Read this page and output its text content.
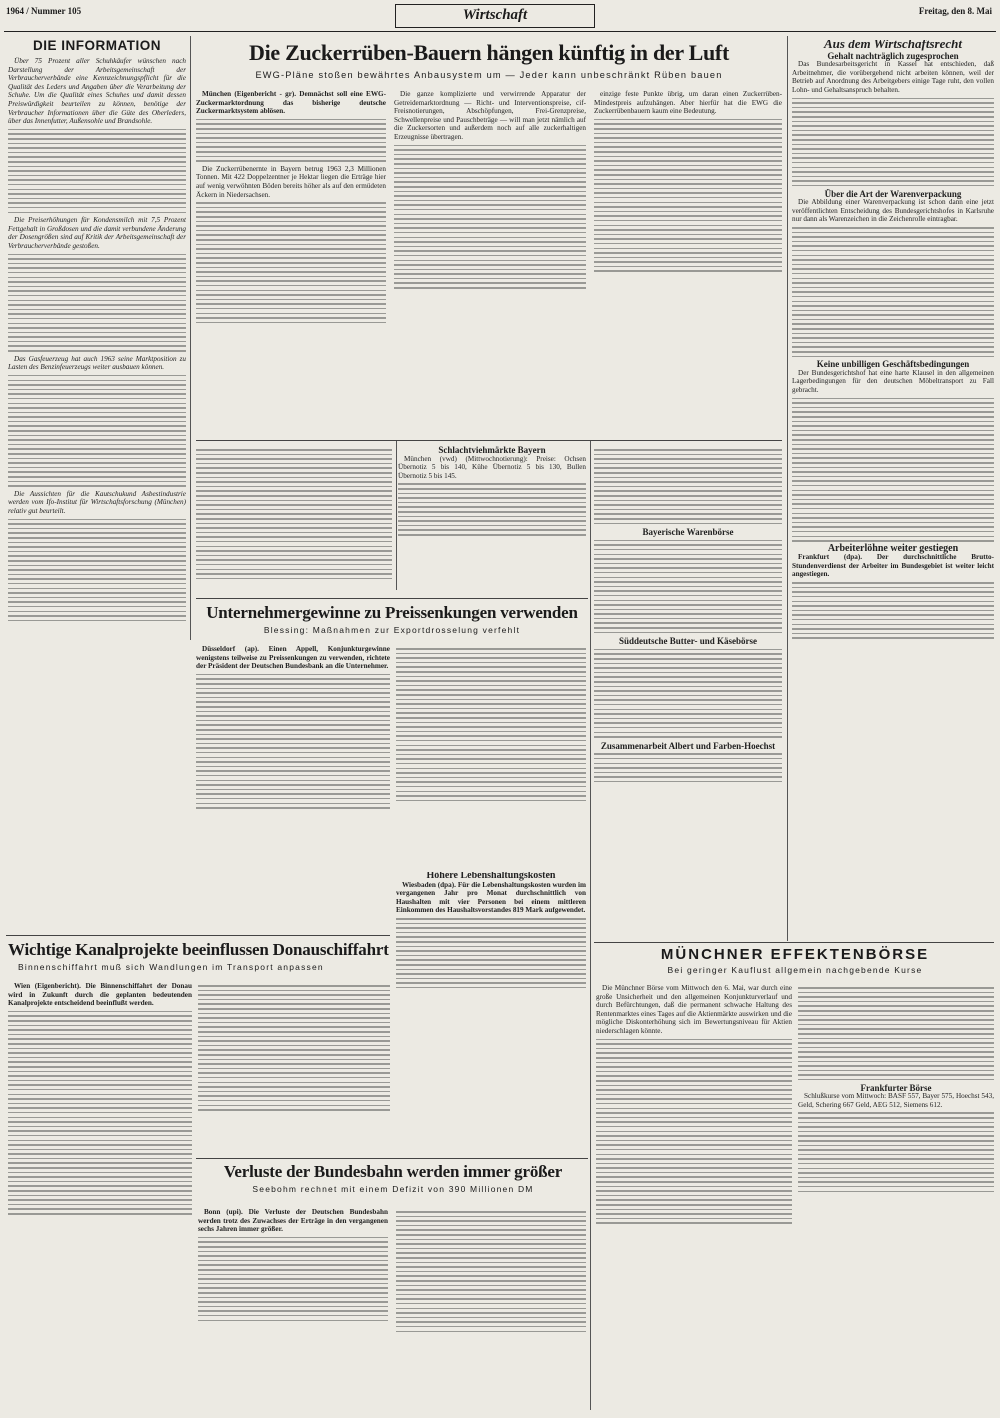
1964 / Nummer 105	Wirtschaft	Freitag, den 8. Mai
DIE INFORMATION

Über 75 Prozent aller Schuhkäufer wünschen nach Darstellung der Arbeitsgemeinschaft der Verbraucherverbände eine Kennzeichnungspflicht für die Qualität des Leders und Angaben über die Verarbeitung der Schuhe. Um die Qualität eines Schuhes und damit dessen Preiswürdigkeit beurteilen zu können, benötige der Verbraucher Informationen über die Güte des Oberleders, über das Innenfutter, Außensohle und Brandsohle.

Die Preiserhöhungen für Kondensmilch mit 7,5 Prozent Fettgehalt in Großdosen und die damit verbundene Änderung der Dosengrößen sind auf Kritik der Arbeitsgemeinschaft der Verbraucherverbände gestoßen.

Das Gasfeuerzeug hat auch 1963 seine Marktposition zu Lasten des Benzinfeuerzeugs weiter ausbauen können.

Die Aussichten für die Kautschukund Asbestindustrie werden vom Ifo-Institut für Wirtschaftsforschung (München) relativ gut beurteilt.

Die Zuckerrüben-Bauern hängen künftig in der Luft
EWG-Pläne stoßen bewährtes Anbausystem um — Jeder kann unbeschränkt Rüben bauen

München (Eigenbericht - gr). Demnächst soll eine EWG-Zuckermarktordnung das bisherige deutsche Zuckermarktsystem ablösen.

Die Zuckerrübenernte in Bayern betrug 1963 2,3 Millionen Tonnen. Mit 422 Doppelzentner je Hektar liegen die Erträge hier auf wenig verwöhnten Böden bereits höher als auf den ermüdeten Äckern in Niedersachsen.

Die ganze komplizierte und verwirrende Apparatur der Getreidemarktordnung — Richt- und Interventionspreise, cif-Freisnotierungen, Abschöpfungen, Frei-Grenzpreise, Schwellenpreise und Pauschbeträge — will man jetzt nämlich auf die Zuckersorten und außerdem noch auf alle zuckerhaltigen Erzeugnisse übertragen.

einzige feste Punkte übrig, um daran einen Zuckerrüben-Mindestpreis aufzuhängen. Aber hierfür hat die EWG die Zuckerrübenbauern kaum eine Bedeutung.

Schlachtviehmärkte Bayern

München (vwd) (Mittwochnotierung): Preise: Ochsen Übernotiz 5 bis 140, Kühe Übernotiz 5 bis 130, Bullen Übernotiz 5 bis 145.

Bayerische Warenbörse
Süddeutsche Butter- und Käsebörse
Zusammenarbeit Albert und Farben-Hoechst
Unternehmergewinne zu Preissenkungen verwenden
Blessing: Maßnahmen zur Exportdrosselung verfehlt

Düsseldorf (ap). Einen Appell, Konjunkturgewinne wenigstens teilweise zu Preissenkungen zu verwenden, richtete der Präsident der Deutschen Bundesbank an die Unternehmer.

Höhere Lebenshaltungskosten

Wiesbaden (dpa). Für die Lebenshaltungskosten wurden im vergangenen Jahr pro Monat durchschnittlich von Haushalten mit vier Personen bei einem mittleren Einkommen des Haushaltsvorstandes 819 Mark aufgewendet.

Wichtige Kanalprojekte beeinflussen Donauschiffahrt
Binnenschiffahrt muß sich Wandlungen im Transport anpassen

Wien (Eigenbericht). Die Binnenschiffahrt der Donau wird in Zukunft durch die geplanten bedeutenden Kanalprojekte entscheidend beeinflußt werden.

Verluste der Bundesbahn werden immer größer
Seebohm rechnet mit einem Defizit von 390 Millionen DM

Bonn (upi). Die Verluste der Deutschen Bundesbahn werden trotz des Zuwachses der Erträge in den vergangenen sechs Jahren immer größer.

Aus dem Wirtschaftsrecht
Gehalt nachträglich zugesprochen

Das Bundesarbeitsgericht in Kassel hat entschieden, daß Arbeitnehmer, die vorübergehend nicht arbeiten können, weil der Betrieb auf Anordnung des Arbeitgebers einige Tage ruht, den vollen Lohn- und Gehaltsanspruch behalten.

Über die Art der Warenverpackung

Die Abbildung einer Warenverpackung ist schon dann eine jetzt veröffentlichten Entscheidung des Bundesgerichtshofes in Karlsruhe nur dann als Warenzeichen in die Zeichenrolle eintragbar.

Keine unbilligen Geschäftsbedingungen

Der Bundesgerichtshof hat eine harte Klausel in den allgemeinen Lagerbedingungen für den deutschen Möbeltransport zu Fall gebracht.

Arbeiterlöhne weiter gestiegen

Frankfurt (dpa). Der durchschnittliche Brutto-Stundenverdienst der Arbeiter im Bundesgebiet ist weiter leicht angestiegen.

MÜNCHNER EFFEKTENBÖRSE
Bei geringer Kauflust allgemein nachgebende Kurse

Die Münchner Börse vom Mittwoch den 6. Mai, war durch eine große Unsicherheit und den allgemeinen Konjunkturverlauf und durch Befürchtungen, daß die permanent schwache Haltung des Rentenmarktes eines Tages auf die Aktienmärkte auswirken und die mögliche Diskonterhöhung sich im Bewertungsniveau für Aktien niederschlagen könnte.

Frankfurter Börse

Schlußkurse vom Mittwoch: BASF 557, Bayer 575, Hoechst 543, Geld, Schering 667 Geld, AEG 512, Siemens 612.
